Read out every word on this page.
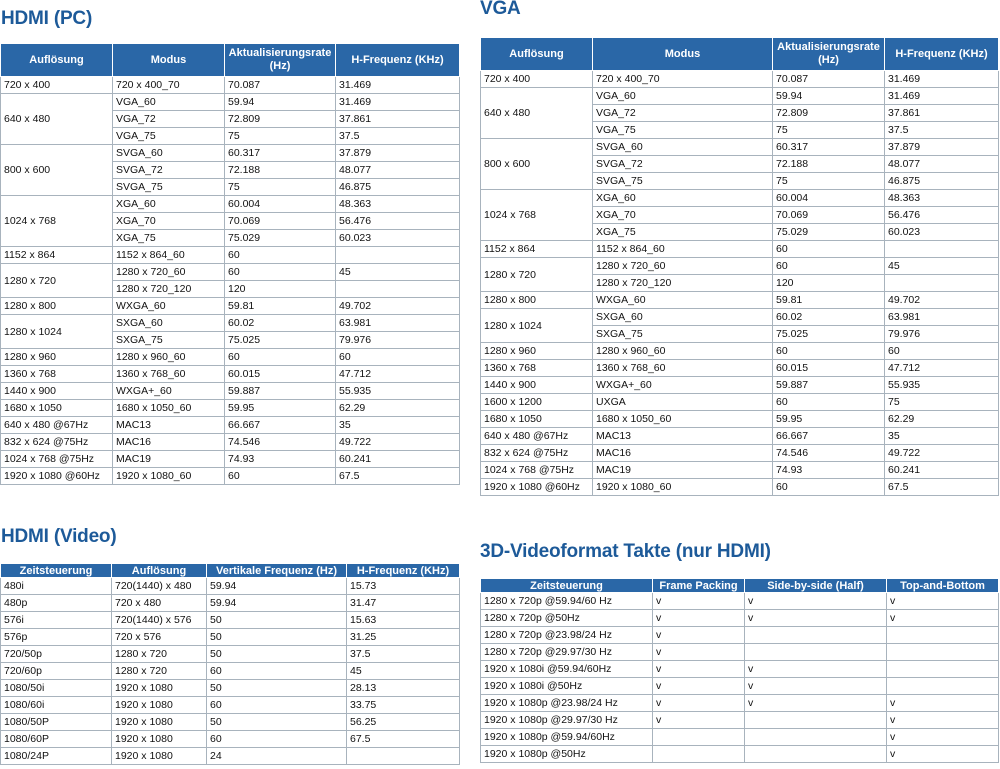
HDMI (PC)
Auflösung	Modus	Aktualisierungsrate (Hz)	H-Frequenz (KHz)
720 x 400	720 x 400_70	70.087	31.469
640 x 480	VGA_60	59.94	31.469
	VGA_72	72.809	37.861
	VGA_75	75	37.5
800 x 600	SVGA_60	60.317	37.879
	SVGA_72	72.188	48.077
	SVGA_75	75	46.875
1024 x 768	XGA_60	60.004	48.363
	XGA_70	70.069	56.476
	XGA_75	75.029	60.023
1152 x 864	1152 x 864_60	60	
1280 x 720	1280 x 720_60	60	45
	1280 x 720_120	120	
1280 x 800	WXGA_60	59.81	49.702
1280 x 1024	SXGA_60	60.02	63.981
	SXGA_75	75.025	79.976
1280 x 960	1280 x 960_60	60	60
1360 x 768	1360 x 768_60	60.015	47.712
1440 x 900	WXGA+_60	59.887	55.935
1680 x 1050	1680 x 1050_60	59.95	62.29
640 x 480 @67Hz	MAC13	66.667	35
832 x 624 @75Hz	MAC16	74.546	49.722
1024 x 768 @75Hz	MAC19	74.93	60.241
1920 x 1080 @60Hz	1920 x 1080_60	60	67.5
VGA
Auflösung	Modus	Aktualisierungsrate (Hz)	H-Frequenz (KHz)
720 x 400	720 x 400_70	70.087	31.469
640 x 480	VGA_60	59.94	31.469
	VGA_72	72.809	37.861
	VGA_75	75	37.5
800 x 600	SVGA_60	60.317	37.879
	SVGA_72	72.188	48.077
	SVGA_75	75	46.875
1024 x 768	XGA_60	60.004	48.363
	XGA_70	70.069	56.476
	XGA_75	75.029	60.023
1152 x 864	1152 x 864_60	60	
1280 x 720	1280 x 720_60	60	45
	1280 x 720_120	120	
1280 x 800	WXGA_60	59.81	49.702
1280 x 1024	SXGA_60	60.02	63.981
	SXGA_75	75.025	79.976
1280 x 960	1280 x 960_60	60	60
1360 x 768	1360 x 768_60	60.015	47.712
1440 x 900	WXGA+_60	59.887	55.935
1600 x 1200	UXGA	60	75
1680 x 1050	1680 x 1050_60	59.95	62.29
640 x 480 @67Hz	MAC13	66.667	35
832 x 624 @75Hz	MAC16	74.546	49.722
1024 x 768 @75Hz	MAC19	74.93	60.241
1920 x 1080 @60Hz	1920 x 1080_60	60	67.5
HDMI (Video)
Zeitsteuerung	Auflösung	Vertikale Frequenz (Hz)	H-Frequenz (KHz)
480i	720(1440) x 480	59.94	15.73
480p	720 x 480	59.94	31.47
576i	720(1440) x 576	50	15.63
576p	720 x 576	50	31.25
720/50p	1280 x 720	50	37.5
720/60p	1280 x 720	60	45
1080/50i	1920 x 1080	50	28.13
1080/60i	1920 x 1080	60	33.75
1080/50P	1920 x 1080	50	56.25
1080/60P	1920 x 1080	60	67.5
1080/24P	1920 x 1080	24	
3D-Videoformat Takte (nur HDMI)
Zeitsteuerung	Frame Packing	Side-by-side (Half)	Top-and-Bottom
1280 x 720p @59.94/60 Hz	v	v	v
1280 x 720p @50Hz	v	v	v
1280 x 720p @23.98/24 Hz	v		
1280 x 720p @29.97/30 Hz	v		
1920 x 1080i @59.94/60Hz	v	v	
1920 x 1080i @50Hz	v	v	
1920 x 1080p @23.98/24 Hz	v	v	v
1920 x 1080p @29.97/30 Hz	v		v
1920 x 1080p @59.94/60Hz			v
1920 x 1080p @50Hz			v
